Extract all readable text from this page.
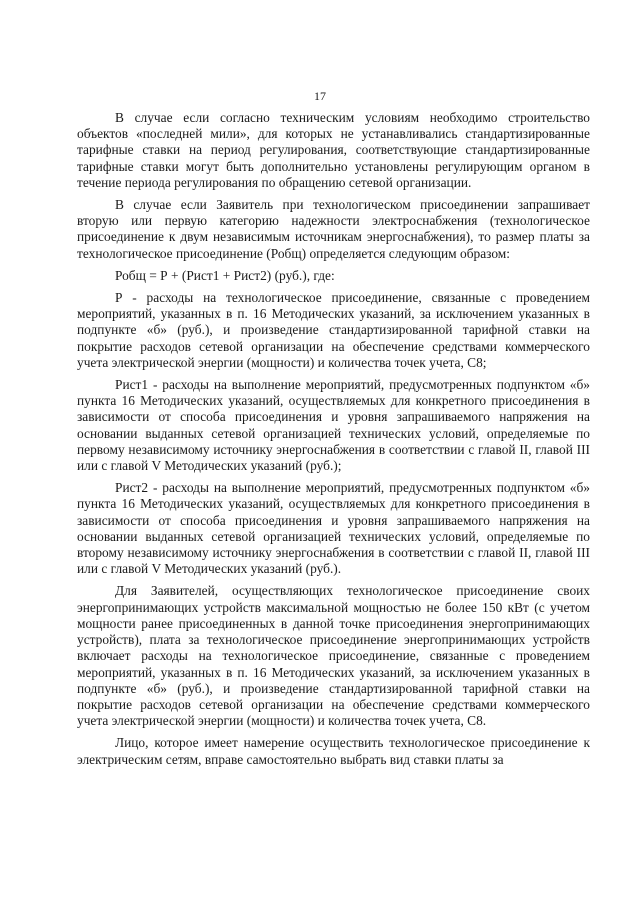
17

В случае если согласно техническим условиям необходимо строительство объектов «последней мили», для которых не устанавливались стандартизированные тарифные ставки на период регулирования, соответствующие стандартизированные тарифные ставки могут быть дополнительно установлены регулирующим органом в течение периода регулирования по обращению сетевой организации.

В случае если Заявитель при технологическом присоединении запрашивает вторую или первую категорию надежности электроснабжения (технологическое присоединение к двум независимым источникам энергоснабжения), то размер платы за технологическое присоединение (Робщ) определяется следующим образом:

Робщ = Р + (Рист1 + Рист2) (руб.), где:

Р - расходы на технологическое присоединение, связанные с проведением мероприятий, указанных в п. 16 Методических указаний, за исключением указанных в подпункте «б» (руб.), и произведение стандартизированной тарифной ставки на покрытие расходов сетевой организации на обеспечение средствами коммерческого учета электрической энергии (мощности) и количества точек учета, С8;

Рист1 - расходы на выполнение мероприятий, предусмотренных подпунктом «б» пункта 16 Методических указаний, осуществляемых для конкретного присоединения в зависимости от способа присоединения и уровня запрашиваемого напряжения на основании выданных сетевой организацией технических условий, определяемые по первому независимому источнику энергоснабжения в соответствии с главой II, главой III или с главой V Методических указаний (руб.);

Рист2 - расходы на выполнение мероприятий, предусмотренных подпунктом «б» пункта 16 Методических указаний, осуществляемых для конкретного присоединения в зависимости от способа присоединения и уровня запрашиваемого напряжения на основании выданных сетевой организацией технических условий, определяемые по второму независимому источнику энергоснабжения в соответствии с главой II, главой III или с главой V Методических указаний (руб.).

Для Заявителей, осуществляющих технологическое присоединение своих энергопринимающих устройств максимальной мощностью не более 150 кВт (с учетом мощности ранее присоединенных в данной точке присоединения энергопринимающих устройств), плата за технологическое присоединение энергопринимающих устройств включает расходы на технологическое присоединение, связанные с проведением мероприятий, указанных в п. 16 Методических указаний, за исключением указанных в подпункте «б» (руб.), и произведение стандартизированной тарифной ставки на покрытие расходов сетевой организации на обеспечение средствами коммерческого учета электрической энергии (мощности) и количества точек учета, С8.

Лицо, которое имеет намерение осуществить технологическое присоединение к электрическим сетям, вправе самостоятельно выбрать вид ставки платы за
